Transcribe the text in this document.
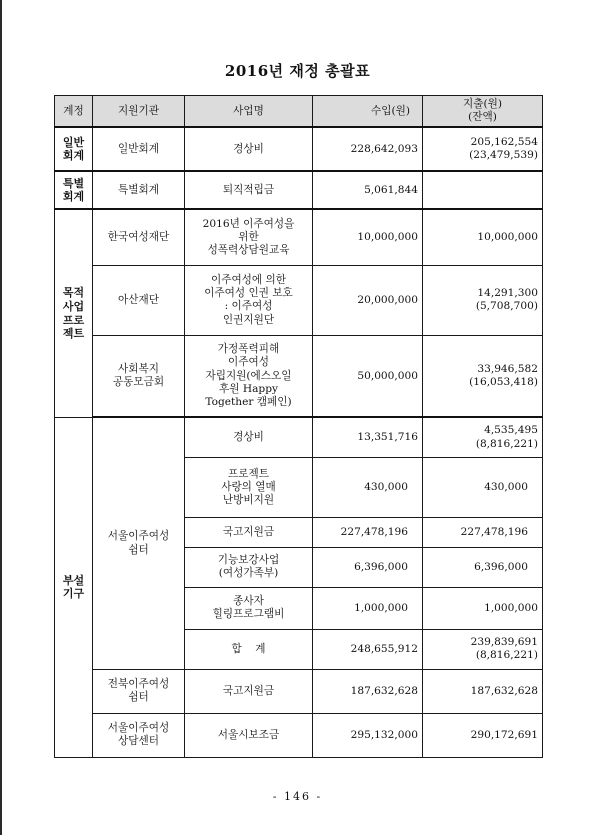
2016년 재정 총괄표
계정	지원기관	사업명	수입(원)	지출(원)
(잔액)

일반
회계	일반회계	경상비	228,642,093	205,162,554
(23,479,539)

특별
회계	특별회계	퇴직적립금	5,061,844	
목적
사업
프로
젝트	한국여성재단	2016년 이주여성을
위한
성폭력상담원교육	10,000,000	10,000,000
	아산재단	이주여성에 의한
이주여성 인권 보호
: 이주여성
인권지원단	20,000,000	14,291,300
(5,708,700)

	사회복지
공동모금회	가정폭력피해
이주여성
자립지원(에스오일
후원 Happy
Together 캠페인)	50,000,000	33,946,582
(16,053,418)

부설
기구	서울이주여성
쉼터	경상비	13,351,716	4,535,495
(8,816,221)

		프로젝트
사랑의 열매
난방비지원	430,000	430,000
		국고지원금	227,478,196	227,478,196
		기능보강사업
(여성가족부)	6,396,000	6,396,000
		종사자
힐링프로그램비	1,000,000	1,000,000
		합    계	248,655,912	239,839,691
(8,816,221)

	전북이주여성
쉼터	국고지원금	187,632,628	187,632,628
	서울이주여성
상담센터	서울시보조금	295,132,000	290,172,691
- 146 -
